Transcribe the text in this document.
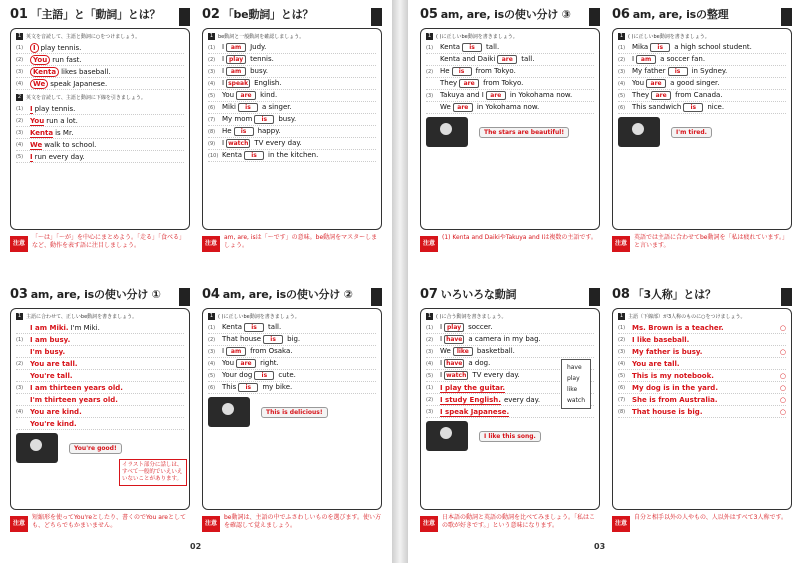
02	03
01 「主語」と「動詞」とは？
1 英文を音読して、主語と動詞に○をつけましょう。
(1)	I play tennis.
(2)	You run fast.
(3)	Kenta likes baseball.
(4)	We speak Japanese.
2 英文を音読して、主語と動詞に下線を引きましょう。
(1) I play tennis.
(2) You run a lot.
(3) Kenta is Mr.
(4) We walk to school.
(5) I run every day.
注意
「～は」「～が」を中心にまとめよう。「走る」「食べる」など、動作を表す語に注目しましょう。
02 「be動詞」とは？
1 be動詞と一般動詞を確認しましょう。
(1) I am Judy.
(2) I play tennis.
(3) I am busy.
(4) I speak English.
(5) You are kind.
(6) Miki is a singer.
(7) My mom is busy.
(8) He is happy.
(9) I watch TV every day.
(10) Kenta is in the kitchen.
注意
am, are, isは「～です」の意味。be動詞をマスターしましょう。
03 am, are, isの使い分け ①
1 主語に合わせて、正しいbe動詞を書きましょう。
I am Miki. I'm Miki.
(1) I am busy.
I'm busy.
(2) You are tall.
You're tall.
(3) I am thirteen years old.
I'm thirteen years old.
(4) You are kind.
You're kind.
You're good!
イラスト部分に話しは、すべて一般的でいえいえいないことがあります。
注意
短縮形を使ってYou'reとしたり、書くのでYou areとしても、どちらでもかまいません。
04 am, are, isの使い分け ②
1 ( )に正しいbe動詞を書きましょう。
(1) Kenta is tall.
(2) That house is big.
(3) I am from Osaka.
(4) You are right.
(5) Your dog is cute.
(6) This is my bike.
This is delicious!
注意
be動詞は、主語の中でふさわしいものを選びます。使い方を確認して覚えましょう。
05 am, are, isの使い分け ③
1 ( )に正しいbe動詞を書きましょう。
(1) Kenta is tall.
Kenta and Daiki are tall.
(2) He is from Tokyo.
They are from Tokyo.
(3) Takuya and I are in Yokohama now.
We are in Yokohama now.
The stars are beautiful!
注意
(1) Kenta and DaikiやTakuya and Iは複数の主語です。
06 am, are, isの整理
1 ( )に正しいbe動詞を書きましょう。
(1) Mika is a high school student.
(2) I am a soccer fan.
(3) My father is in Sydney.
(4) You are a good singer.
(5) They are from Canada.
(6) This sandwich is nice.
I'm tired.
注意
英語では主語に合わせてbe動詞を「私は疲れています。」と言います。
07 いろいろな動詞
1 ( )に合う動詞を書きましょう。
(1) I play soccer.
(2) I have a camera in my bag.
(3) We like basketball.
(4) I have a dog.
(5) I watch TV every day.
(1) I play the guitar.
(2) I study English. every day.
(3) I speak Japanese.
have
play
like
watch
I like this song.
注意
日本語の動詞と英語の動詞を比べてみましょう。「私はこの歌が好きです。」という意味になります。
08 「3人称」とは？
1 主語（下線部）が3人称のものに○をつけましょう。
(1) Ms. Brown is a teacher.	○
(2) I like baseball.
(3) My father is busy.	○
(4) You are tall.
(5) This is my notebook.	○
(6) My dog is in the yard.	○
(7) She is from Australia.	○
(8) That house is big.	○
注意
自分と相手以外の人やもの、人以外はすべて3人称です。
